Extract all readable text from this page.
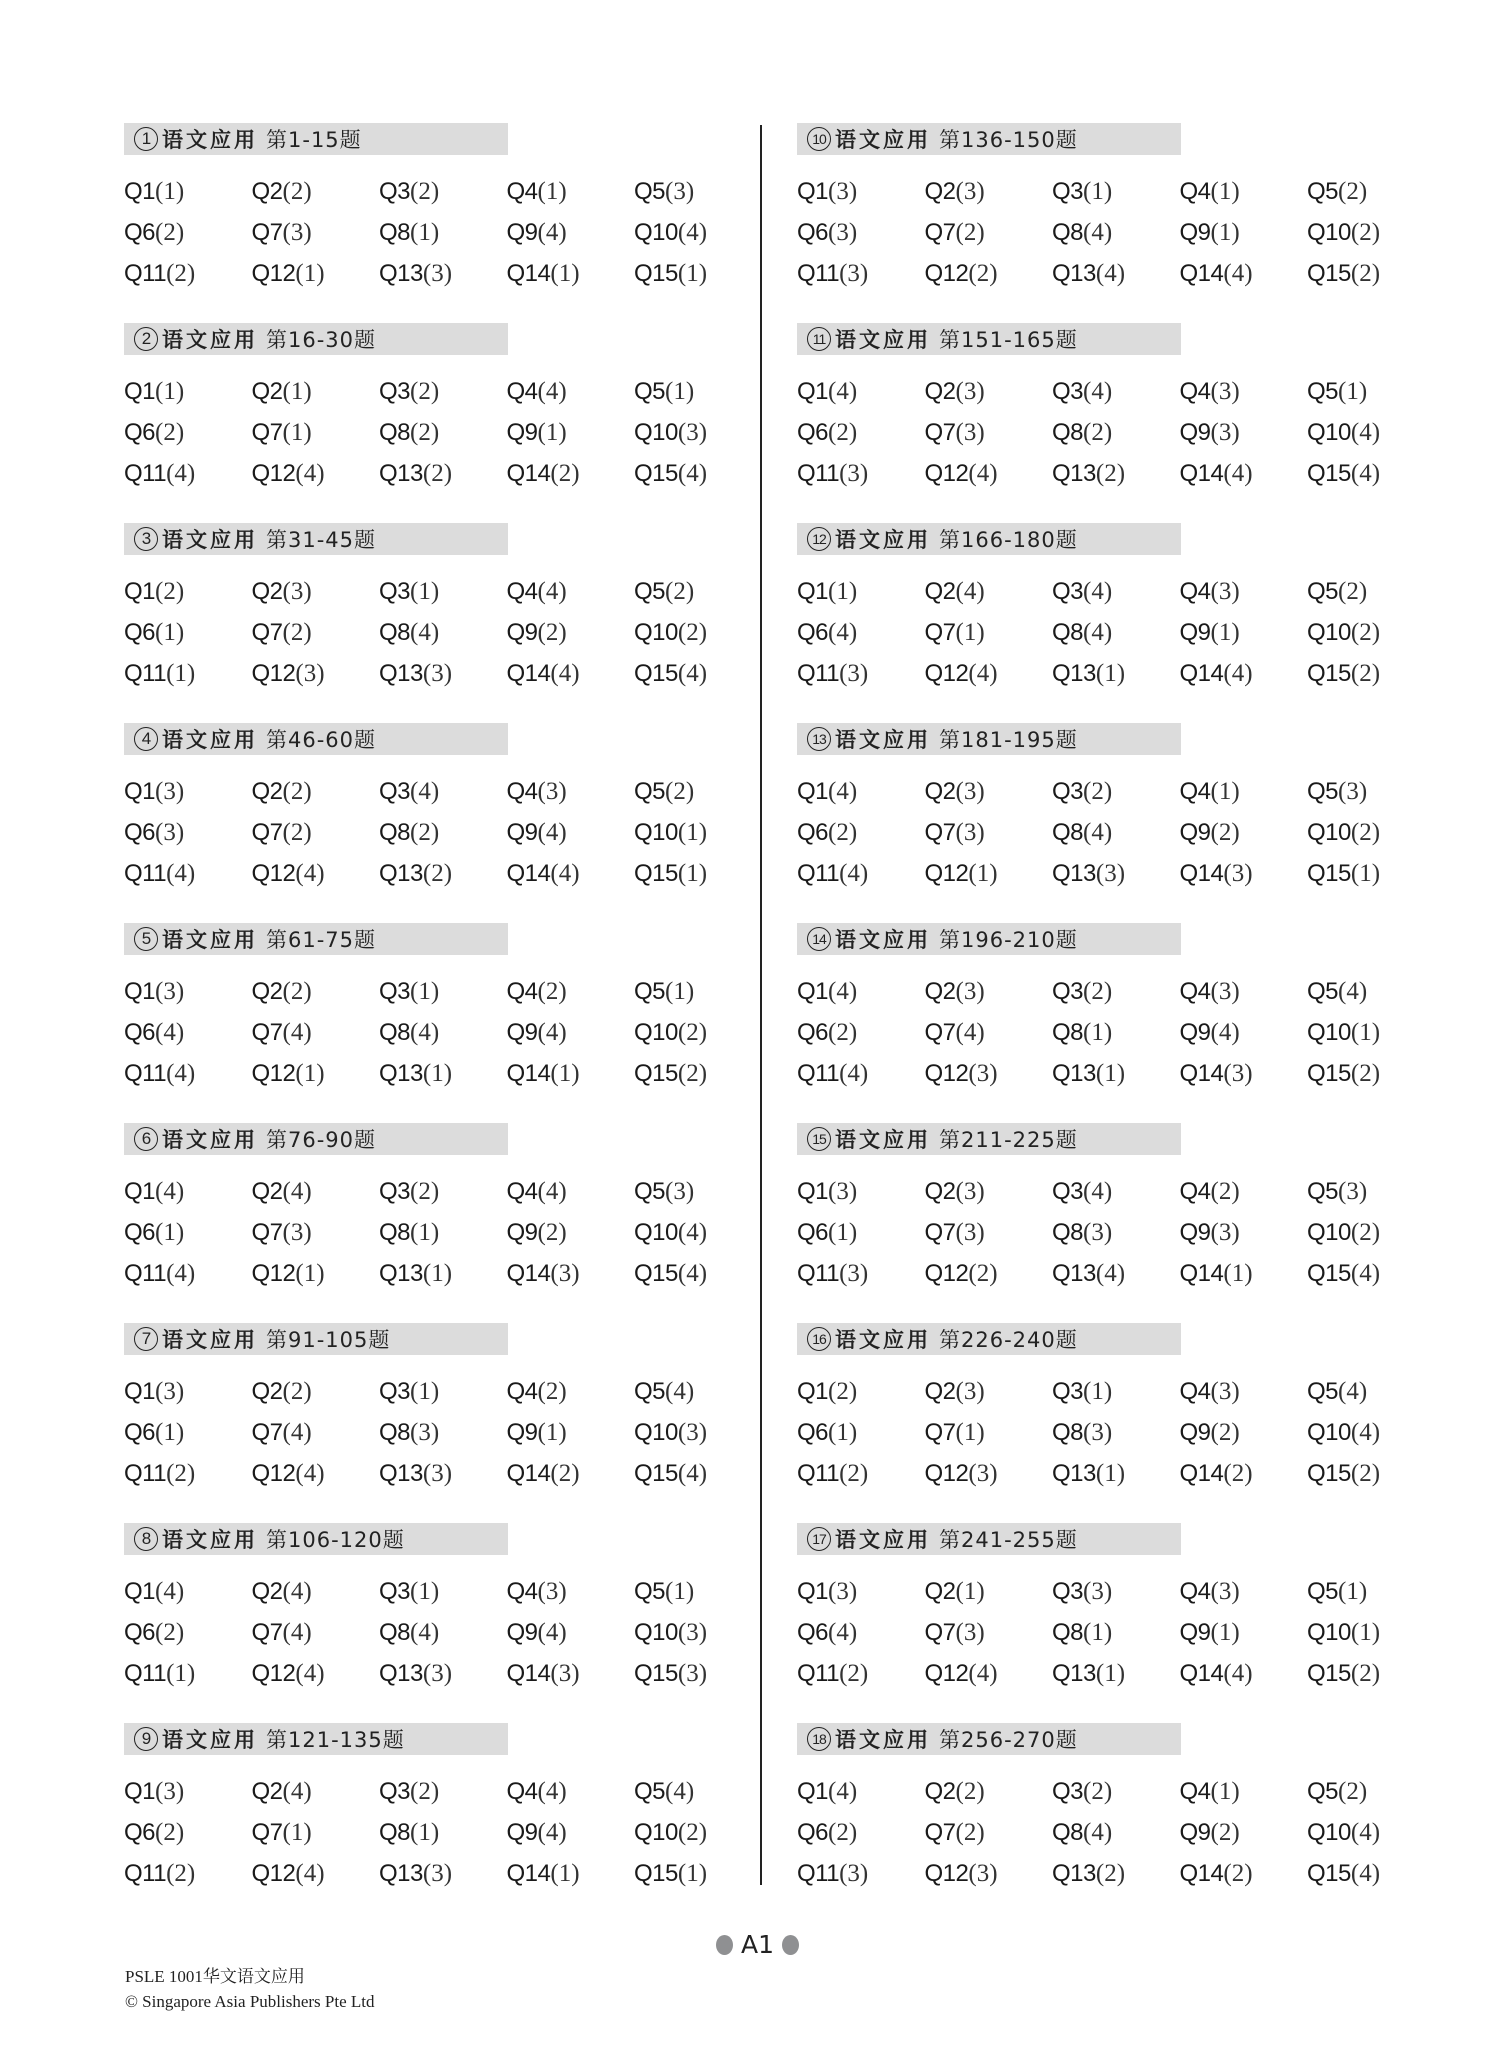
1 语文应用 第1-15题
Q1(1)	Q2(2)	Q3(2)	Q4(1)	Q5(3)
Q6(2)	Q7(3)	Q8(1)	Q9(4)	Q10(4)
Q11(2)	Q12(1)	Q13(3)	Q14(1)	Q15(1)
2 语文应用 第16-30题
Q1(1)	Q2(1)	Q3(2)	Q4(4)	Q5(1)
Q6(2)	Q7(1)	Q8(2)	Q9(1)	Q10(3)
Q11(4)	Q12(4)	Q13(2)	Q14(2)	Q15(4)
3 语文应用 第31-45题
Q1(2)	Q2(3)	Q3(1)	Q4(4)	Q5(2)
Q6(1)	Q7(2)	Q8(4)	Q9(2)	Q10(2)
Q11(1)	Q12(3)	Q13(3)	Q14(4)	Q15(4)
4 语文应用 第46-60题
Q1(3)	Q2(2)	Q3(4)	Q4(3)	Q5(2)
Q6(3)	Q7(2)	Q8(2)	Q9(4)	Q10(1)
Q11(4)	Q12(4)	Q13(2)	Q14(4)	Q15(1)
5 语文应用 第61-75题
Q1(3)	Q2(2)	Q3(1)	Q4(2)	Q5(1)
Q6(4)	Q7(4)	Q8(4)	Q9(4)	Q10(2)
Q11(4)	Q12(1)	Q13(1)	Q14(1)	Q15(2)
6 语文应用 第76-90题
Q1(4)	Q2(4)	Q3(2)	Q4(4)	Q5(3)
Q6(1)	Q7(3)	Q8(1)	Q9(2)	Q10(4)
Q11(4)	Q12(1)	Q13(1)	Q14(3)	Q15(4)
7 语文应用 第91-105题
Q1(3)	Q2(2)	Q3(1)	Q4(2)	Q5(4)
Q6(1)	Q7(4)	Q8(3)	Q9(1)	Q10(3)
Q11(2)	Q12(4)	Q13(3)	Q14(2)	Q15(4)
8 语文应用 第106-120题
Q1(4)	Q2(4)	Q3(1)	Q4(3)	Q5(1)
Q6(2)	Q7(4)	Q8(4)	Q9(4)	Q10(3)
Q11(1)	Q12(4)	Q13(3)	Q14(3)	Q15(3)
9 语文应用 第121-135题
Q1(3)	Q2(4)	Q3(2)	Q4(4)	Q5(4)
Q6(2)	Q7(1)	Q8(1)	Q9(4)	Q10(2)
Q11(2)	Q12(4)	Q13(3)	Q14(1)	Q15(1)
10 语文应用 第136-150题
Q1(3)	Q2(3)	Q3(1)	Q4(1)	Q5(2)
Q6(3)	Q7(2)	Q8(4)	Q9(1)	Q10(2)
Q11(3)	Q12(2)	Q13(4)	Q14(4)	Q15(2)
11 语文应用 第151-165题
Q1(4)	Q2(3)	Q3(4)	Q4(3)	Q5(1)
Q6(2)	Q7(3)	Q8(2)	Q9(3)	Q10(4)
Q11(3)	Q12(4)	Q13(2)	Q14(4)	Q15(4)
12 语文应用 第166-180题
Q1(1)	Q2(4)	Q3(4)	Q4(3)	Q5(2)
Q6(4)	Q7(1)	Q8(4)	Q9(1)	Q10(2)
Q11(3)	Q12(4)	Q13(1)	Q14(4)	Q15(2)
13 语文应用 第181-195题
Q1(4)	Q2(3)	Q3(2)	Q4(1)	Q5(3)
Q6(2)	Q7(3)	Q8(4)	Q9(2)	Q10(2)
Q11(4)	Q12(1)	Q13(3)	Q14(3)	Q15(1)
14 语文应用 第196-210题
Q1(4)	Q2(3)	Q3(2)	Q4(3)	Q5(4)
Q6(2)	Q7(4)	Q8(1)	Q9(4)	Q10(1)
Q11(4)	Q12(3)	Q13(1)	Q14(3)	Q15(2)
15 语文应用 第211-225题
Q1(3)	Q2(3)	Q3(4)	Q4(2)	Q5(3)
Q6(1)	Q7(3)	Q8(3)	Q9(3)	Q10(2)
Q11(3)	Q12(2)	Q13(4)	Q14(1)	Q15(4)
16 语文应用 第226-240题
Q1(2)	Q2(3)	Q3(1)	Q4(3)	Q5(4)
Q6(1)	Q7(1)	Q8(3)	Q9(2)	Q10(4)
Q11(2)	Q12(3)	Q13(1)	Q14(2)	Q15(2)
17 语文应用 第241-255题
Q1(3)	Q2(1)	Q3(3)	Q4(3)	Q5(1)
Q6(4)	Q7(3)	Q8(1)	Q9(1)	Q10(1)
Q11(2)	Q12(4)	Q13(1)	Q14(4)	Q15(2)
18 语文应用 第256-270题
Q1(4)	Q2(2)	Q3(2)	Q4(1)	Q5(2)
Q6(2)	Q7(2)	Q8(4)	Q9(2)	Q10(4)
Q11(3)	Q12(3)	Q13(2)	Q14(2)	Q15(4)
A1
PSLE 1001华文语文应用
© Singapore Asia Publishers Pte Ltd
